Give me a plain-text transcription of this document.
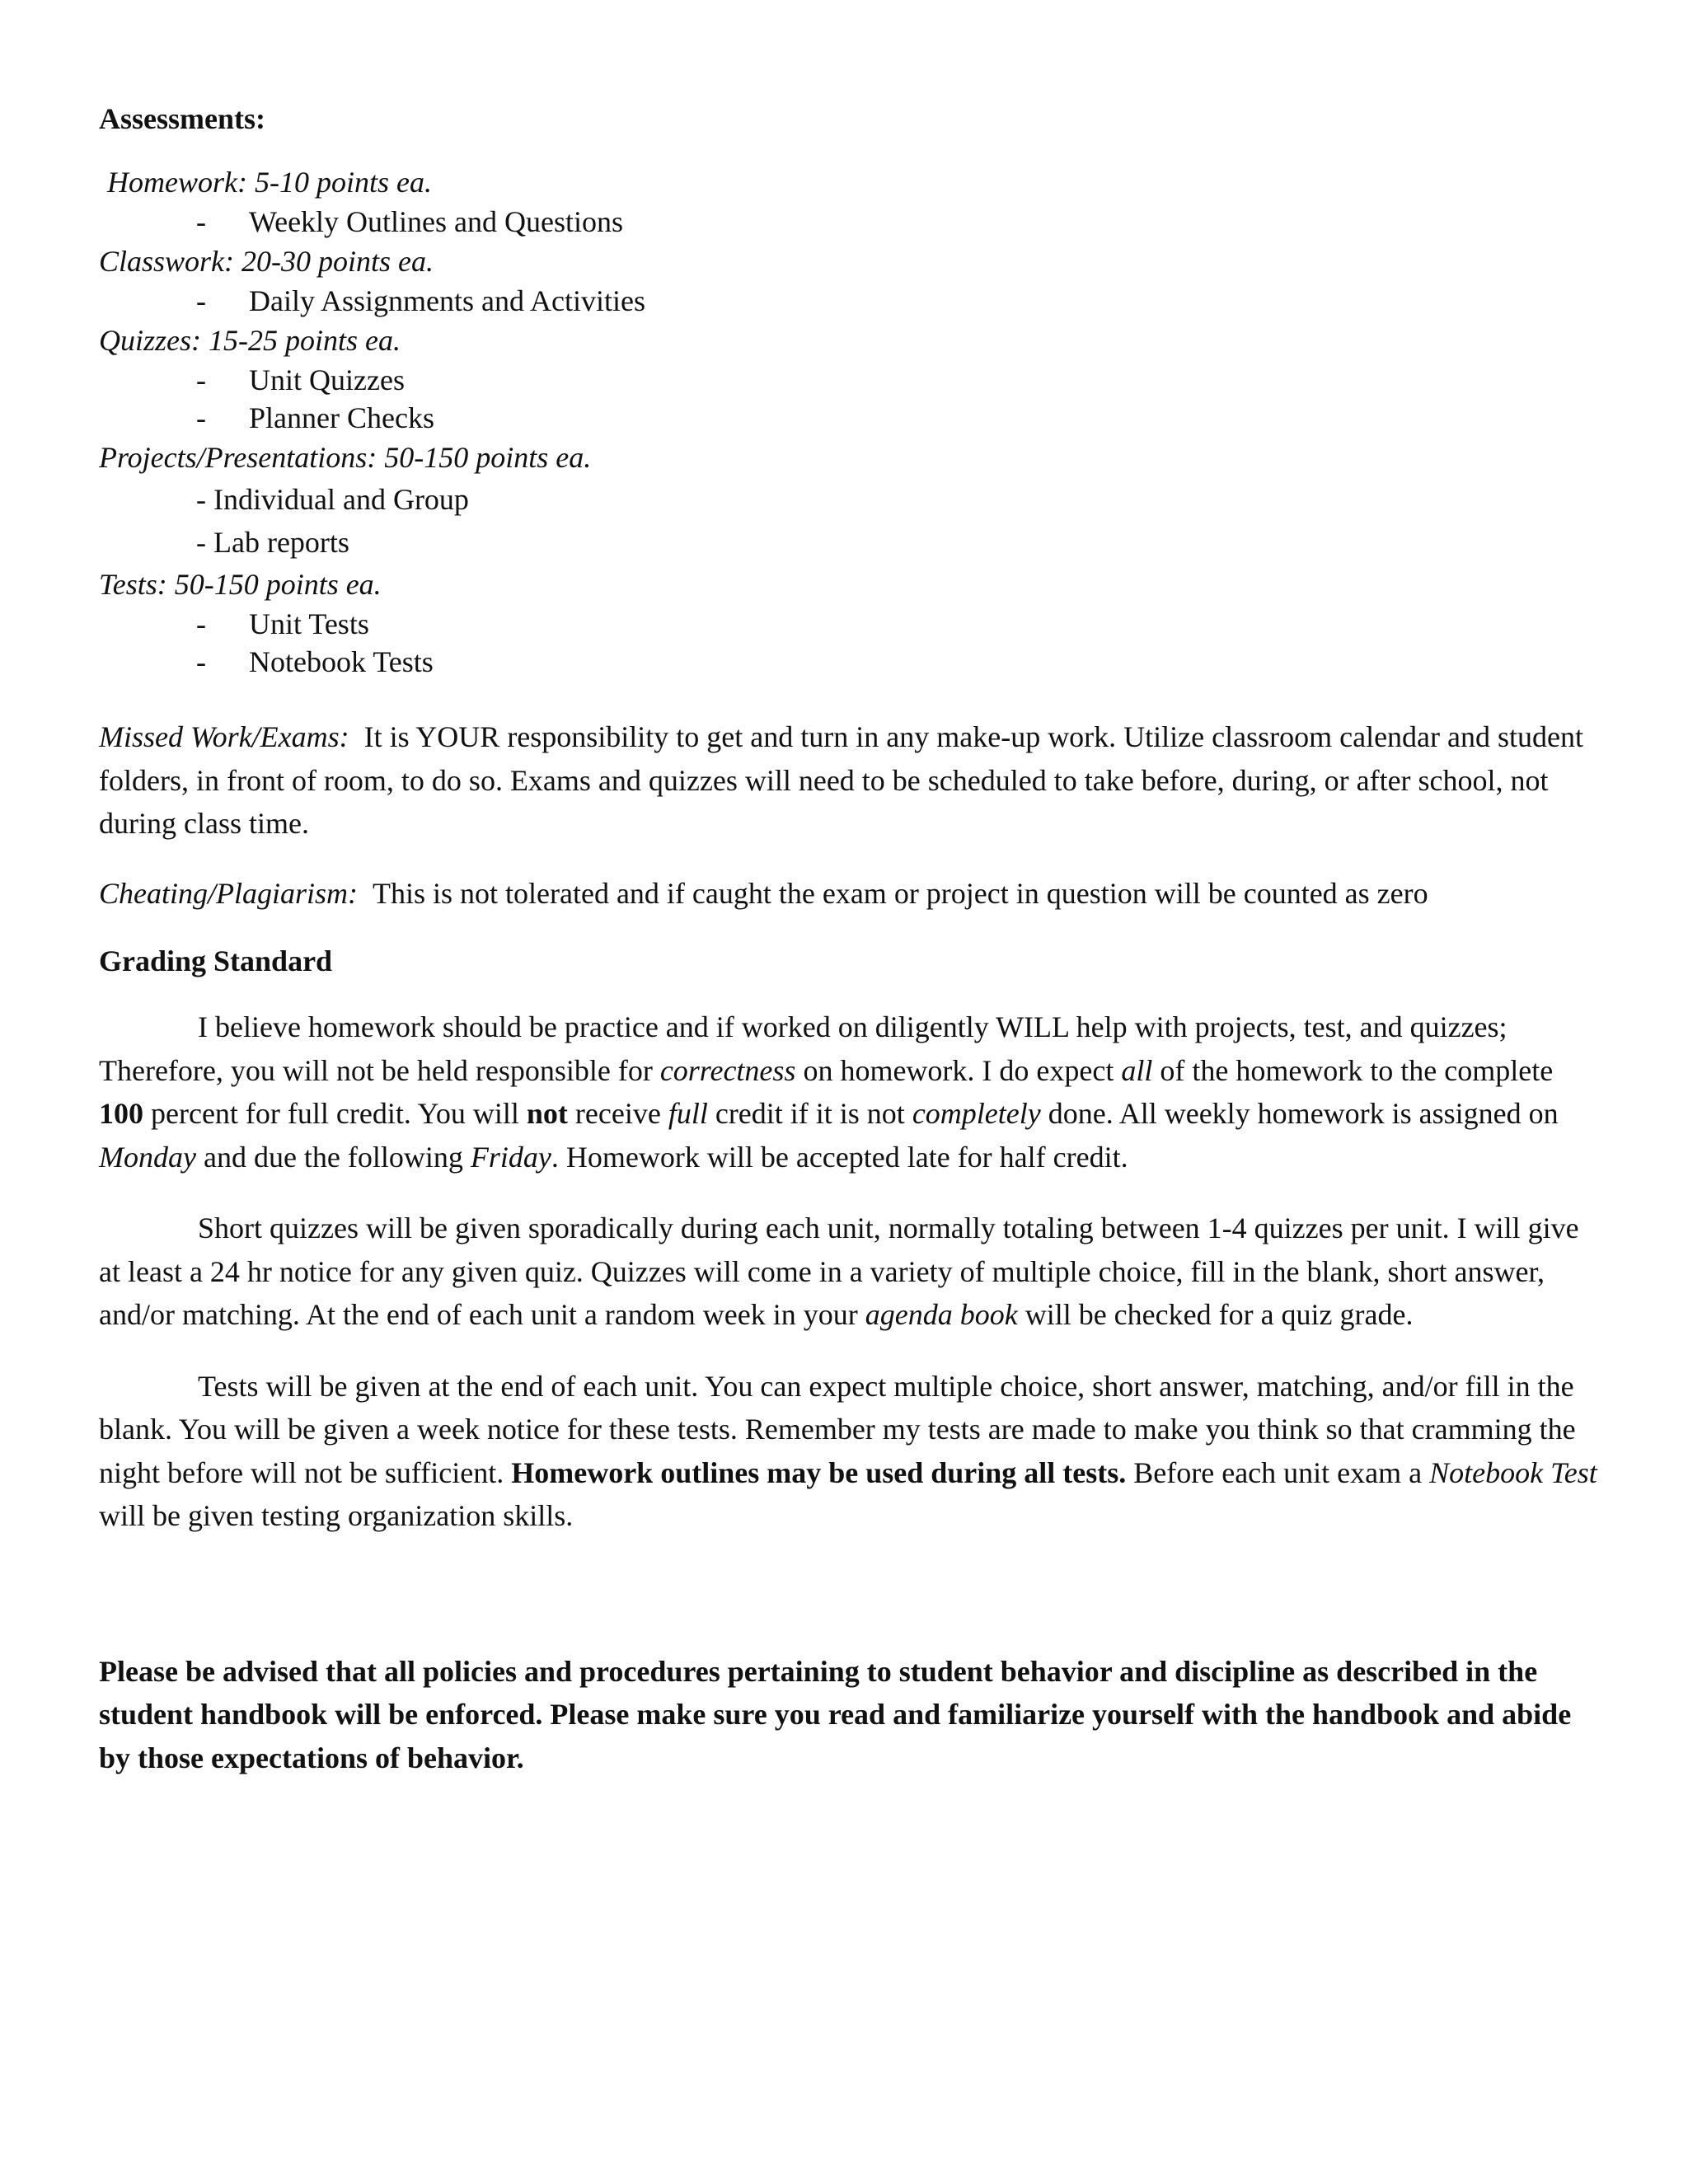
Assessments:

Homework: 5-10 points ea.

-	Weekly Outlines and Questions

Classwork: 20-30 points ea.

-	Daily Assignments and Activities

Quizzes: 15-25 points ea.

-	Unit Quizzes

-	Planner Checks

Projects/Presentations: 50-150 points ea.

- Individual and Group

- Lab reports

Tests: 50-150 points ea.

-	Unit Tests

-	Notebook Tests

Missed Work/Exams: It is YOUR responsibility to get and turn in any make-up work. Utilize classroom calendar and student folders, in front of room, to do so. Exams and quizzes will need to be scheduled to take before, during, or after school, not during class time.

Cheating/Plagiarism: This is not tolerated and if caught the exam or project in question will be counted as zero

Grading Standard

I believe homework should be practice and if worked on diligently WILL help with projects, test, and quizzes; Therefore, you will not be held responsible for correctness on homework. I do expect all of the homework to the complete 100 percent for full credit. You will not receive full credit if it is not completely done. All weekly homework is assigned on Monday and due the following Friday. Homework will be accepted late for half credit.

Short quizzes will be given sporadically during each unit, normally totaling between 1-4 quizzes per unit. I will give at least a 24 hr notice for any given quiz. Quizzes will come in a variety of multiple choice, fill in the blank, short answer, and/or matching. At the end of each unit a random week in your agenda book will be checked for a quiz grade.

Tests will be given at the end of each unit. You can expect multiple choice, short answer, matching, and/or fill in the blank. You will be given a week notice for these tests. Remember my tests are made to make you think so that cramming the night before will not be sufficient. Homework outlines may be used during all tests. Before each unit exam a Notebook Test will be given testing organization skills.

Please be advised that all policies and procedures pertaining to student behavior and discipline as described in the student handbook will be enforced. Please make sure you read and familiarize yourself with the handbook and abide by those expectations of behavior.
